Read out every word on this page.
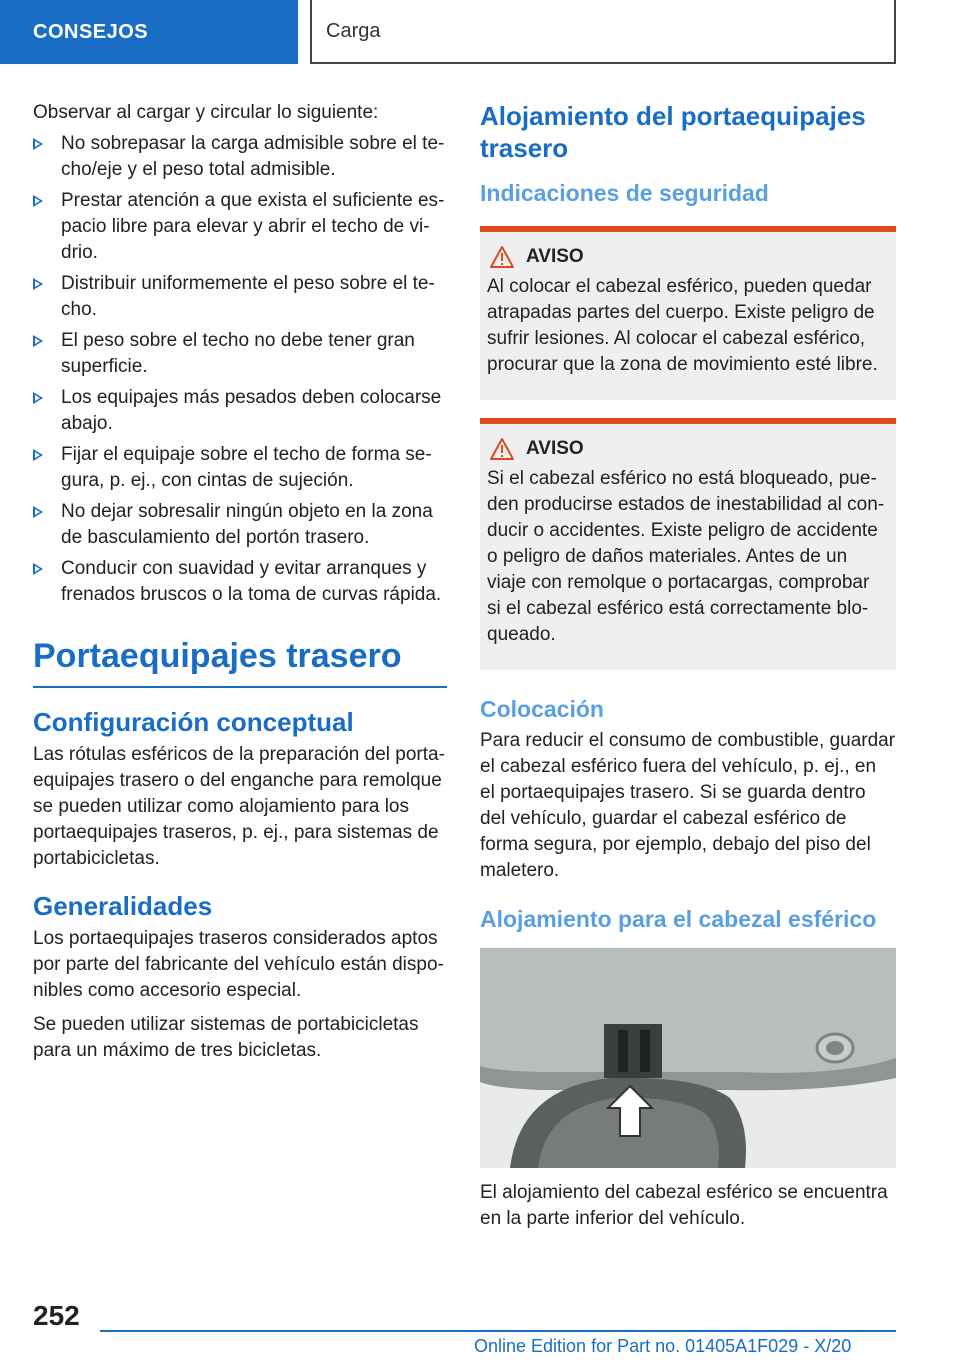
CONSEJOS	Carga

Observar al cargar y circular lo siguiente:

No sobrepasar la carga admisible sobre el techo/eje y el peso total admisible.
Prestar atención a que exista el suficiente espacio libre para elevar y abrir el techo de vidrio.
Distribuir uniformemente el peso sobre el techo.
El peso sobre el techo no debe tener gran superficie.
Los equipajes más pesados deben colocarse abajo.
Fijar el equipaje sobre el techo de forma segura, p. ej., con cintas de sujeción.
No dejar sobresalir ningún objeto en la zona de basculamiento del portón trasero.
Conducir con suavidad y evitar arranques y frenados bruscos o la toma de curvas rápida.
Portaequipajes trasero
Configuración conceptual

Las rótulas esféricos de la preparación del portaequipajes trasero o del enganche para remolque se pueden utilizar como alojamiento para los portaequipajes traseros, p. ej., para sistemas de portabicicletas.

Generalidades

Los portaequipajes traseros considerados aptos por parte del fabricante del vehículo están disponibles como accesorio especial.

Se pueden utilizar sistemas de portabicicletas para un máximo de tres bicicletas.

Alojamiento del portaequipajes trasero
Indicaciones de seguridad
AVISO

Al colocar el cabezal esférico, pueden quedar atrapadas partes del cuerpo. Existe peligro de sufrir lesiones. Al colocar el cabezal esférico, procurar que la zona de movimiento esté libre.

AVISO

Si el cabezal esférico no está bloqueado, pueden producirse estados de inestabilidad al conducir o accidentes. Existe peligro de accidente o peligro de daños materiales. Antes de un viaje con remolque o portacargas, comprobar si el cabezal esférico está correctamente bloqueado.

Colocación

Para reducir el consumo de combustible, guardar el cabezal esférico fuera del vehículo, p. ej., en el portaequipajes trasero. Si se guarda dentro del vehículo, guardar el cabezal esférico de forma segura, por ejemplo, debajo del piso del maletero.

Alojamiento para el cabezal esférico

El alojamiento del cabezal esférico se encuentra en la parte inferior del vehículo.

252
Online Edition for Part no. 01405A1F029 - X/20
